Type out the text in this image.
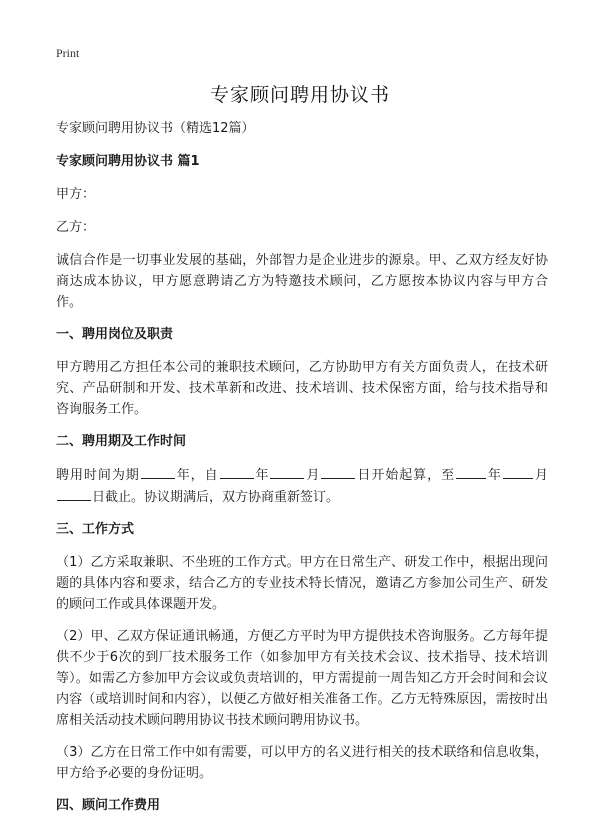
Print
专家顾问聘用协议书

专家顾问聘用协议书（精选12篇）

专家顾问聘用协议书 篇1

甲方：

乙方：

诚信合作是一切事业发展的基础，外部智力是企业进步的源泉。甲、乙双方经友好协商达成本协议，甲方愿意聘请乙方为特邀技术顾问，乙方愿按本协议内容与甲方合作。

一、聘用岗位及职责

甲方聘用乙方担任本公司的兼职技术顾问，乙方协助甲方有关方面负责人，在技术研究、产品研制和开发、技术革新和改进、技术培训、技术保密方面，给与技术指导和咨询服务工作。

二、聘用期及工作时间

聘用时间为期	年，自	年	月	日开始起算，至 年 月日截止。协议期满后，双方协商重新签订。

三、工作方式

（1）乙方采取兼职、不坐班的工作方式。甲方在日常生产、研发工作中，根据出现问题的具体内容和要求，结合乙方的专业技术特长情况，邀请乙方参加公司生产、研发的顾问工作或具体课题开发。

（2）甲、乙双方保证通讯畅通，方便乙方平时为甲方提供技术咨询服务。乙方每年提供不少于6次的到厂技术服务工作（如参加甲方有关技术会议、技术指导、技术培训等）。如需乙方参加甲方会议或负责培训的，甲方需提前一周告知乙方开会时间和会议内容（或培训时间和内容），以便乙方做好相关准备工作。乙方无特殊原因，需按时出席相关活动技术顾问聘用协议书技术顾问聘用协议书。

（3）乙方在日常工作中如有需要，可以甲方的名义进行相关的技术联络和信息收集，甲方给予必要的身份证明。

四、顾问工作费用
